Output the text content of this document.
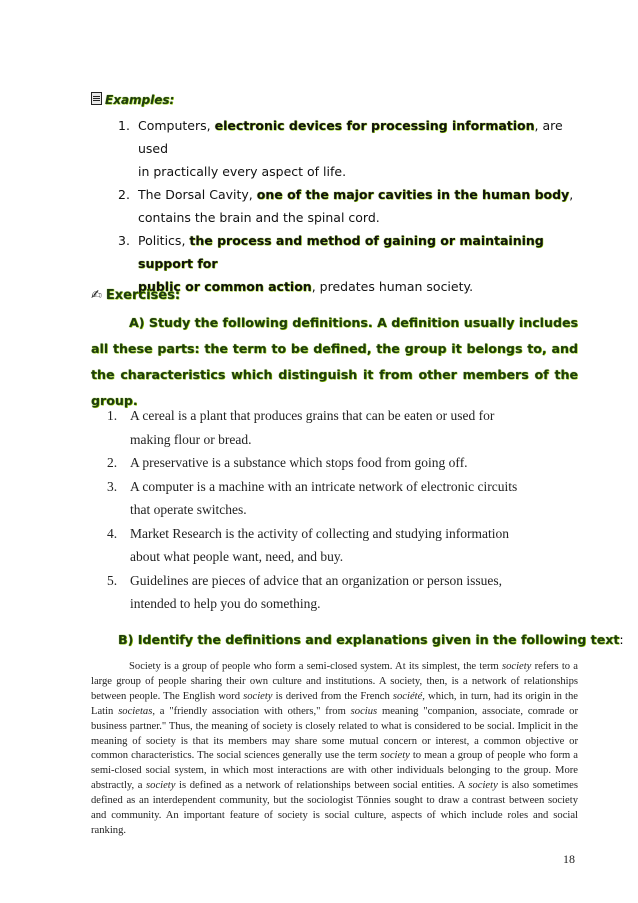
Examples:
1. Computers, electronic devices for processing information, are used
in practically every aspect of life.
2. The Dorsal Cavity, one of the major cavities in the human body,
contains the brain and the spinal cord.
3. Politics, the process and method of gaining or maintaining support for
public or common action, predates human society.
✍ Exercises:
A) Study the following definitions. A definition usually includes all these parts: the term to be defined, the group it belongs to, and the characteristics which distinguish it from other members of the group.
1. A cereal is a plant that produces grains that can be eaten or used for
making flour or bread.
2. A preservative is a substance which stops food from going off.
3. A computer is a machine with an intricate network of electronic circuits
that operate switches.
4. Market Research is the activity of collecting and studying information
about what people want, need, and buy.
5. Guidelines are pieces of advice that an organization or person issues,
intended to help you do something.
B) Identify the definitions and explanations given in the following text:
Society is a group of people who form a semi-closed system. At its simplest, the term society refers to a large group of people sharing their own culture and institutions. A society, then, is a network of relationships between people. The English word society is derived from the French société, which, in turn, had its origin in the Latin societas, a "friendly association with others," from socius meaning "companion, associate, comrade or business partner." Thus, the meaning of society is closely related to what is considered to be social. Implicit in the meaning of society is that its members may share some mutual concern or interest, a common objective or common characteristics. The social sciences generally use the term society to mean a group of people who form a semi-closed social system, in which most interactions are with other individuals belonging to the group. More abstractly, a society is defined as a network of relationships between social entities. A society is also sometimes defined as an interdependent community, but the sociologist Tönnies sought to draw a contrast between society and community. An important feature of society is social culture, aspects of which include roles and social ranking.
18
